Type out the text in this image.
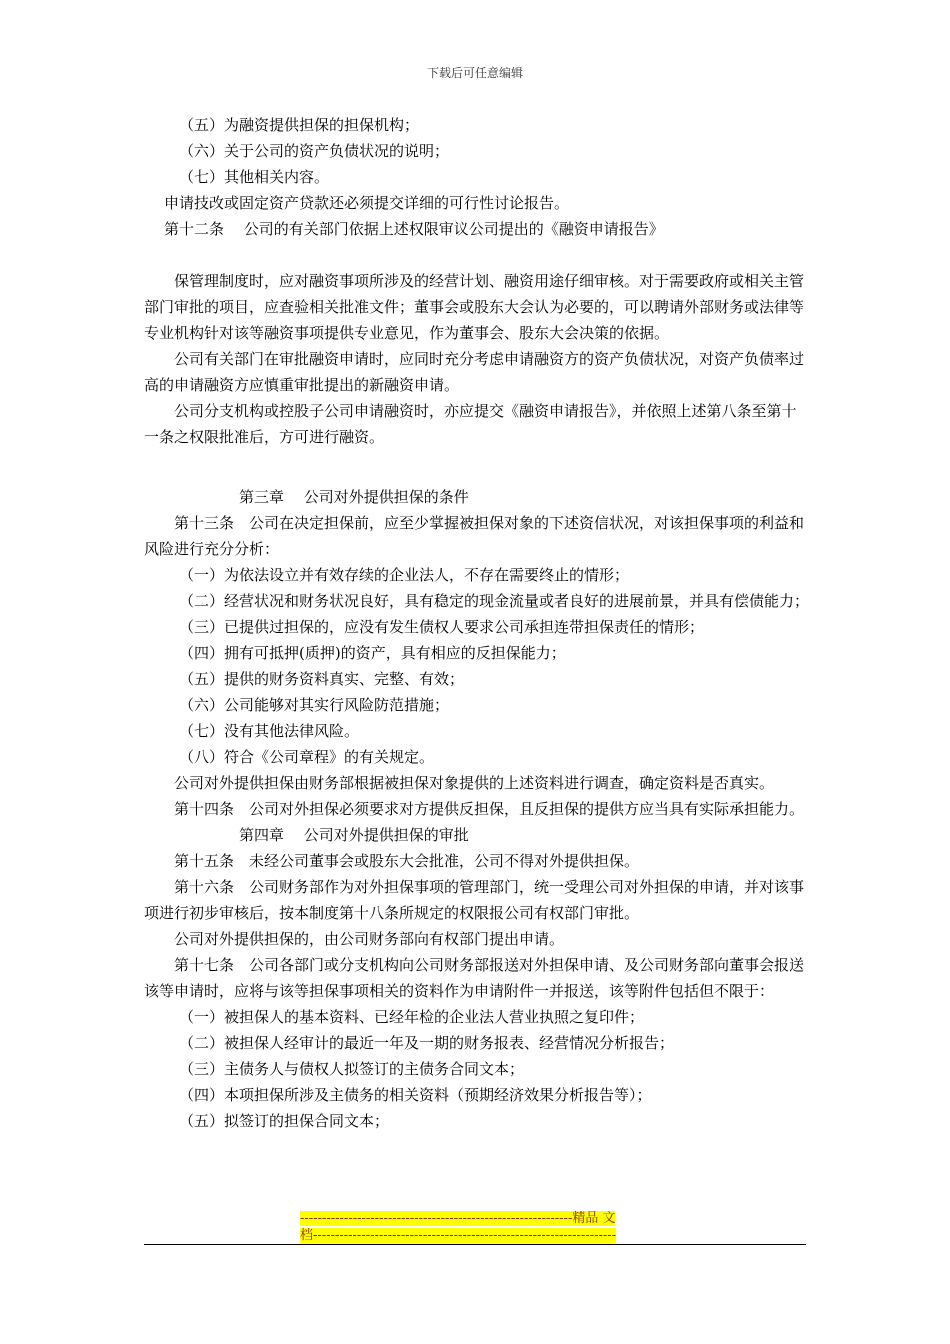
下载后可任意编辑

（五）为融资提供担保的担保机构；

（六）关于公司的资产负债状况的说明；

（七）其他相关内容。

申请技改或固定资产贷款还必须提交详细的可行性讨论报告。

第十二条　 公司的有关部门依据上述权限审议公司提出的《融资申请报告》

保管理制度时，应对融资事项所涉及的经营计划、融资用途仔细审核。对于需要政府或相关主管部门审批的项目，应查验相关批准文件；董事会或股东大会认为必要的，可以聘请外部财务或法律等专业机构针对该等融资事项提供专业意见，作为董事会、股东大会决策的依据。

公司有关部门在审批融资申请时，应同时充分考虑申请融资方的资产负债状况，对资产负债率过高的申请融资方应慎重审批提出的新融资申请。

公司分支机构或控股子公司申请融资时，亦应提交《融资申请报告》，并依照上述第八条至第十一条之权限批准后，方可进行融资。

第三章　 公司对外提供担保的条件

第十三条　公司在决定担保前，应至少掌握被担保对象的下述资信状况，对该担保事项的利益和风险进行充分分析：

（一）为依法设立并有效存续的企业法人，不存在需要终止的情形；

（二）经营状况和财务状况良好，具有稳定的现金流量或者良好的进展前景，并具有偿债能力；

（三）已提供过担保的，应没有发生债权人要求公司承担连带担保责任的情形；

（四）拥有可抵押(质押)的资产，具有相应的反担保能力；

（五）提供的财务资料真实、完整、有效；

（六）公司能够对其实行风险防范措施；

（七）没有其他法律风险。

（八）符合《公司章程》的有关规定。

公司对外提供担保由财务部根据被担保对象提供的上述资料进行调查，确定资料是否真实。

第十四条　公司对外担保必须要求对方提供反担保，且反担保的提供方应当具有实际承担能力。

第四章　 公司对外提供担保的审批

第十五条　未经公司董事会或股东大会批准，公司不得对外提供担保。

第十六条　公司财务部作为对外担保事项的管理部门，统一受理公司对外担保的申请，并对该事项进行初步审核后，按本制度第十八条所规定的权限报公司有权部门审批。

公司对外提供担保的，由公司财务部向有权部门提出申请。

第十七条　公司各部门或分支机构向公司财务部报送对外担保申请、及公司财务部向董事会报送该等申请时，应将与该等担保事项相关的资料作为申请附件一并报送，该等附件包括但不限于：

（一）被担保人的基本资料、已经年检的企业法人营业执照之复印件；

（二）被担保人经审计的最近一年及一期的财务报表、经营情况分析报告；

（三）主债务人与债权人拟签订的主债务合同文本；

（四）本项担保所涉及主债务的相关资料（预期经济效果分析报告等）；

（五）拟签订的担保合同文本；

--------------------------------------------------------------精品 文
档---------------------------------------------------------------------
